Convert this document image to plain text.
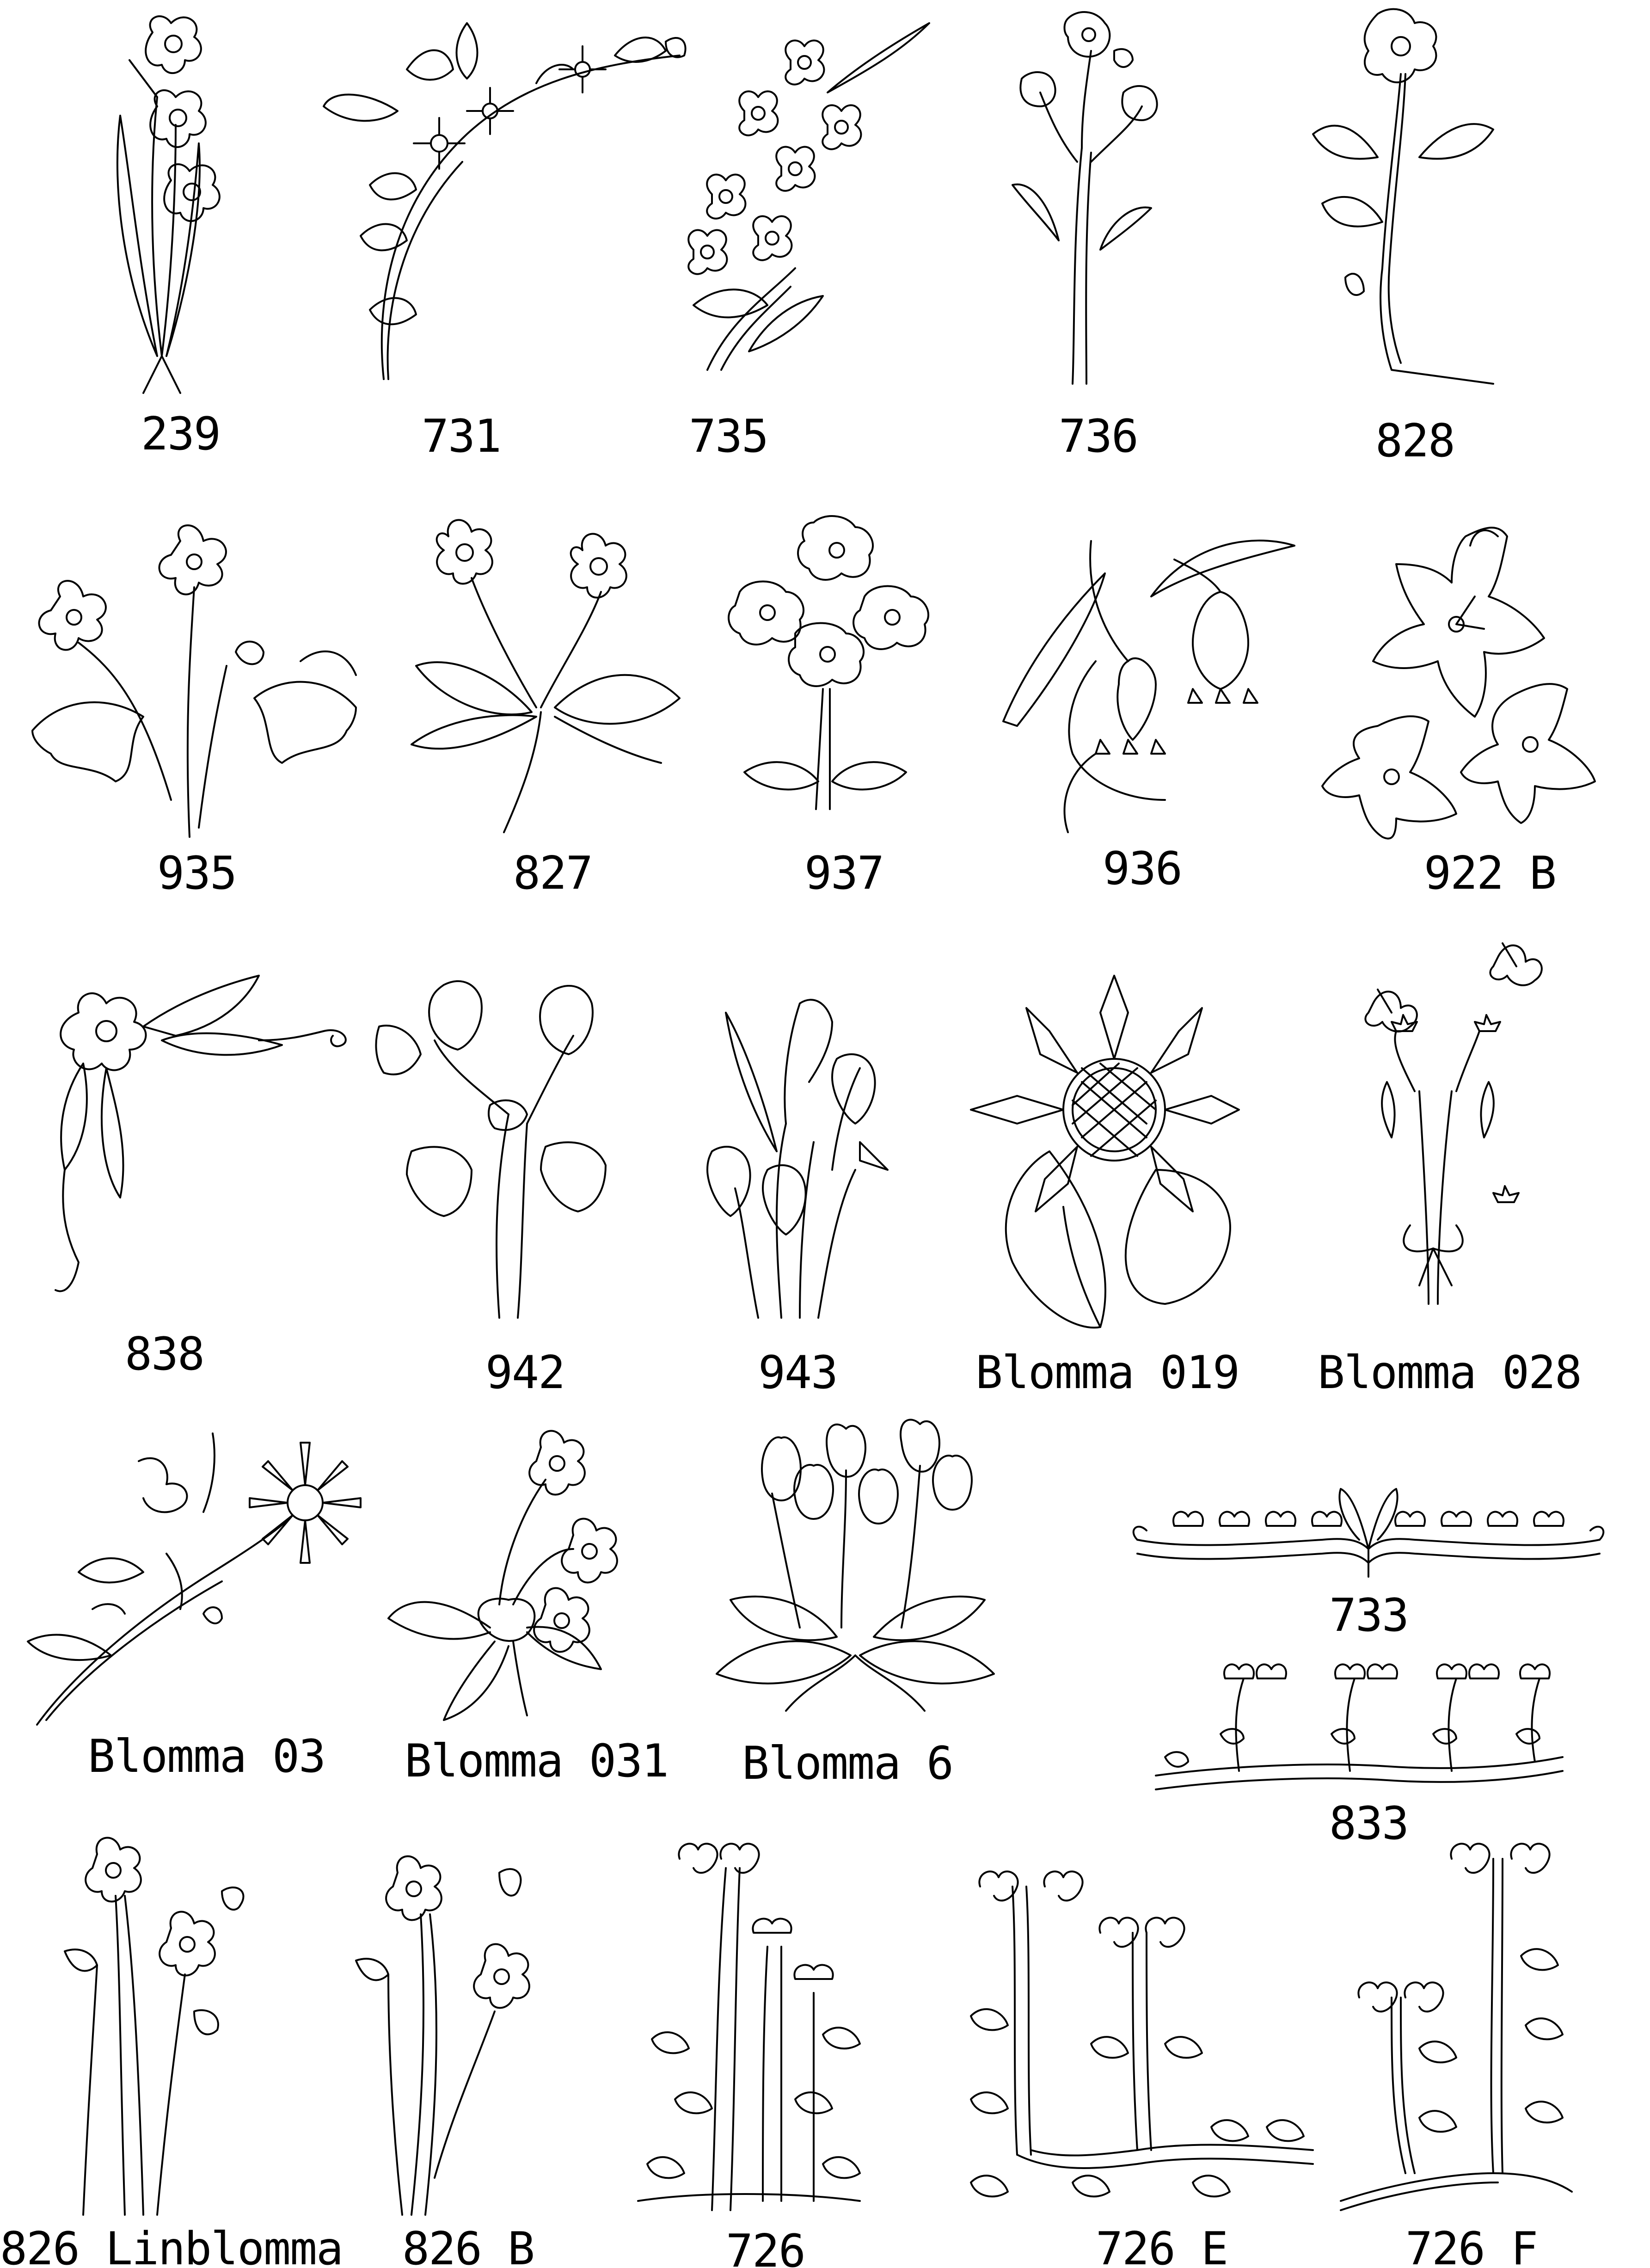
239	731	735	736	828
935	827	937	936	922 B
838	942	943	Blomma 019 Blomma 028
Blomma 03 Blomma 031 Blomma 6
733
833
826 Linblomma 826 B	726	726 E	726 F
